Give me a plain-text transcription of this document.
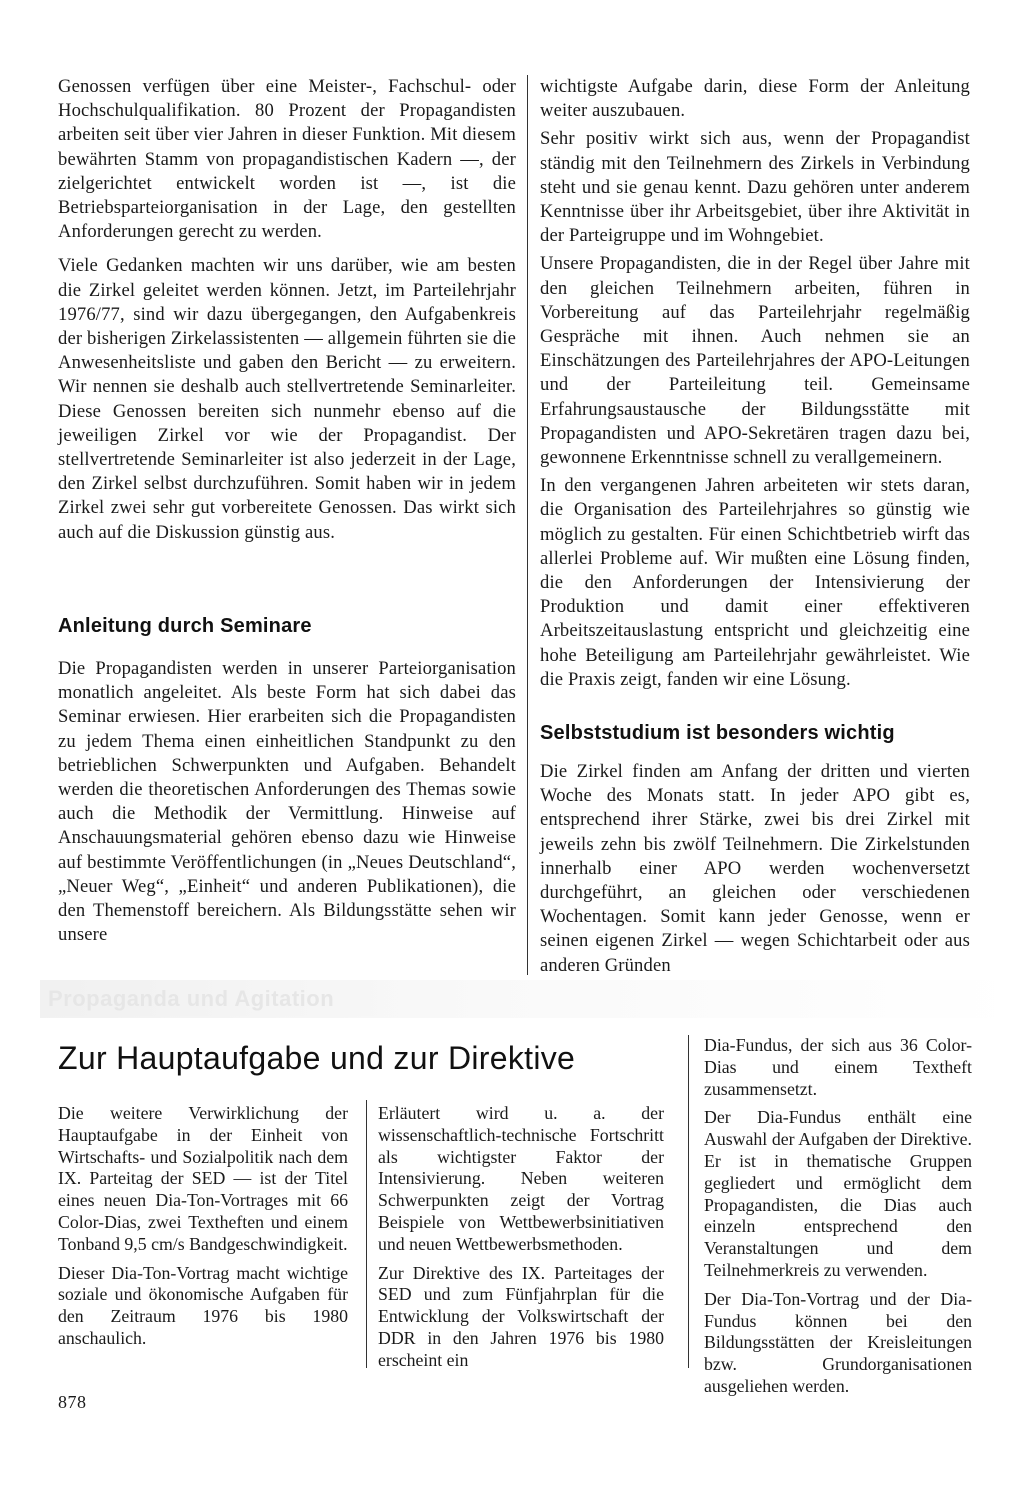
Genossen verfügen über eine Meister-, Fachschul- oder Hochschulqualifikation. 80 Prozent der Propagandisten arbeiten seit über vier Jahren in dieser Funktion. Mit diesem bewährten Stamm von propagandistischen Kadern —, der zielgerichtet entwickelt worden ist —, ist die Betriebsparteiorganisation in der Lage, den gestellten Anforderungen gerecht zu werden.

Viele Gedanken machten wir uns darüber, wie am besten die Zirkel geleitet werden können. Jetzt, im Parteilehrjahr 1976/77, sind wir dazu übergegangen, den Aufgabenkreis der bisherigen Zirkelassistenten — allgemein führten sie die Anwesenheitsliste und gaben den Bericht — zu erweitern. Wir nennen sie deshalb auch stellvertretende Seminarleiter. Diese Genossen bereiten sich nunmehr ebenso auf die jeweiligen Zirkel vor wie der Propagandist. Der stellvertretende Seminarleiter ist also jederzeit in der Lage, den Zirkel selbst durchzuführen. Somit haben wir in jedem Zirkel zwei sehr gut vorbereitete Genossen. Das wirkt sich auch auf die Diskussion günstig aus.

Anleitung durch Seminare

Die Propagandisten werden in unserer Parteiorganisation monatlich angeleitet. Als beste Form hat sich dabei das Seminar erwiesen. Hier erarbeiten sich die Propagandisten zu jedem Thema einen einheitlichen Standpunkt zu den betrieblichen Schwerpunkten und Aufgaben. Behandelt werden die theoretischen Anforderungen des Themas sowie auch die Methodik der Vermittlung. Hinweise auf Anschauungsmaterial gehören ebenso dazu wie Hinweise auf bestimmte Veröffentlichungen (in „Neues Deutschland“, „Neuer Weg“, „Einheit“ und anderen Publikationen), die den Themenstoff bereichern. Als Bildungsstätte sehen wir unsere

wichtigste Aufgabe darin, diese Form der Anleitung weiter auszubauen.

Sehr positiv wirkt sich aus, wenn der Propagandist ständig mit den Teilnehmern des Zirkels in Verbindung steht und sie genau kennt. Dazu gehören unter anderem Kenntnisse über ihr Arbeitsgebiet, über ihre Aktivität in der Parteigruppe und im Wohngebiet.

Unsere Propagandisten, die in der Regel über Jahre mit den gleichen Teilnehmern arbeiten, führen in Vorbereitung auf das Parteilehrjahr regelmäßig Gespräche mit ihnen. Auch nehmen sie an Einschätzungen des Parteilehrjahres der APO-Leitungen und der Parteileitung teil. Gemeinsame Erfahrungsaustausche der Bildungsstätte mit Propagandisten und APO-Sekretären tragen dazu bei, gewonnene Erkenntnisse schnell zu verallgemeinern.

In den vergangenen Jahren arbeiteten wir stets daran, die Organisation des Parteilehrjahres so günstig wie möglich zu gestalten. Für einen Schichtbetrieb wirft das allerlei Probleme auf. Wir mußten eine Lösung finden, die den Anforderungen der Intensivierung der Produktion und damit einer effektiveren Arbeitszeitauslastung entspricht und gleichzeitig eine hohe Beteiligung am Parteilehrjahr gewährleistet. Wie die Praxis zeigt, fanden wir eine Lösung.

Selbststudium ist besonders wichtig

Die Zirkel finden am Anfang der dritten und vierten Woche des Monats statt. In jeder APO gibt es, entsprechend ihrer Stärke, zwei bis drei Zirkel mit jeweils zehn bis zwölf Teilnehmern. Die Zirkelstunden innerhalb einer APO werden wochenversetzt durchgeführt, an gleichen oder verschiedenen Wochentagen. Somit kann jeder Genosse, wenn er seinen eigenen Zirkel — wegen Schichtarbeit oder aus anderen Gründen

Propaganda und Agitation
Zur Hauptaufgabe und zur Direktive

Die weitere Verwirklichung der Hauptaufgabe in der Einheit von Wirtschafts- und Sozialpolitik nach dem IX. Parteitag der SED — ist der Titel eines neuen Dia-Ton-Vortrages mit 66 Color-Dias, zwei Textheften und einem Tonband 9,5 cm/s Bandgeschwindigkeit.

Dieser Dia-Ton-Vortrag macht wichtige soziale und ökonomische Aufgaben für den Zeitraum 1976 bis 1980 anschaulich.

Erläutert wird u. a. der wissenschaftlich-technische Fortschritt als wichtigster Faktor der Intensivierung. Neben weiteren Schwerpunkten zeigt der Vortrag Beispiele von Wettbewerbsinitiativen und neuen Wettbewerbsmethoden.

Zur Direktive des IX. Parteitages der SED und zum Fünfjahrplan für die Entwicklung der Volkswirtschaft der DDR in den Jahren 1976 bis 1980 erscheint ein

Dia-Fundus, der sich aus 36 Color-Dias und einem Textheft zusammensetzt.

Der Dia-Fundus enthält eine Auswahl der Aufgaben der Direktive. Er ist in thematische Gruppen gegliedert und ermöglicht dem Propagandisten, die Dias auch einzeln entsprechend den Veranstaltungen und dem Teilnehmerkreis zu verwenden.

Der Dia-Ton-Vortrag und der Dia-Fundus können bei den Bildungsstätten der Kreisleitungen bzw. Grundorganisationen ausgeliehen werden.

878
